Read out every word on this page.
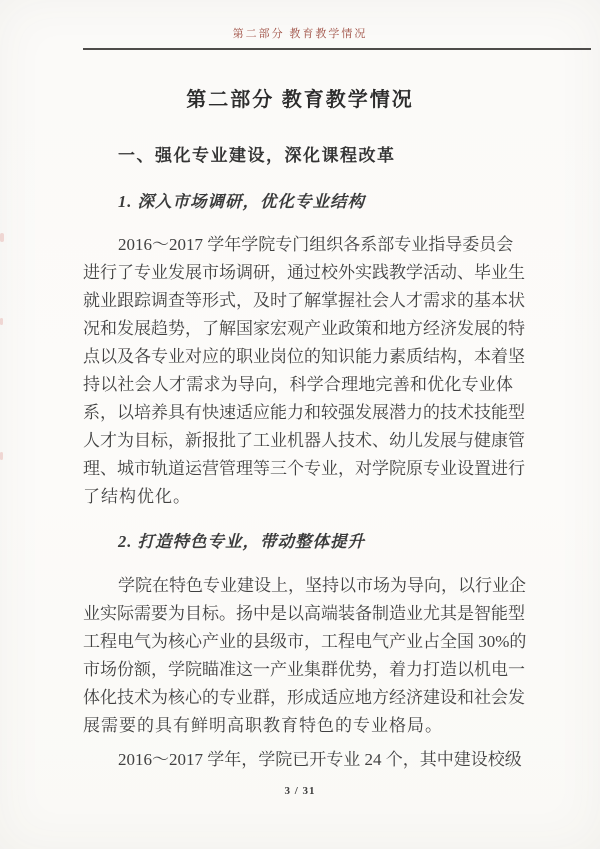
第二部分 教育教学情况
第二部分 教育教学情况
一、强化专业建设，深化课程改革
1. 深入市场调研，优化专业结构
2016～2017 学年学院专门组织各系部专业指导委员会
进行了专业发展市场调研，通过校外实践教学活动、毕业生
就业跟踪调查等形式，及时了解掌握社会人才需求的基本状
况和发展趋势，了解国家宏观产业政策和地方经济发展的特
点以及各专业对应的职业岗位的知识能力素质结构，本着坚
持以社会人才需求为导向，科学合理地完善和优化专业体
系，以培养具有快速适应能力和较强发展潜力的技术技能型
人才为目标，新报批了工业机器人技术、幼儿发展与健康管
理、城市轨道运营管理等三个专业，对学院原专业设置进行
了结构优化。
2. 打造特色专业，带动整体提升
学院在特色专业建设上，坚持以市场为导向，以行业企
业实际需要为目标。扬中是以高端装备制造业尤其是智能型
工程电气为核心产业的县级市，工程电气产业占全国 30%的
市场份额，学院瞄准这一产业集群优势，着力打造以机电一
体化技术为核心的专业群，形成适应地方经济建设和社会发
展需要的具有鲜明高职教育特色的专业格局。
2016～2017 学年，学院已开专业 24 个，其中建设校级
3 / 31
